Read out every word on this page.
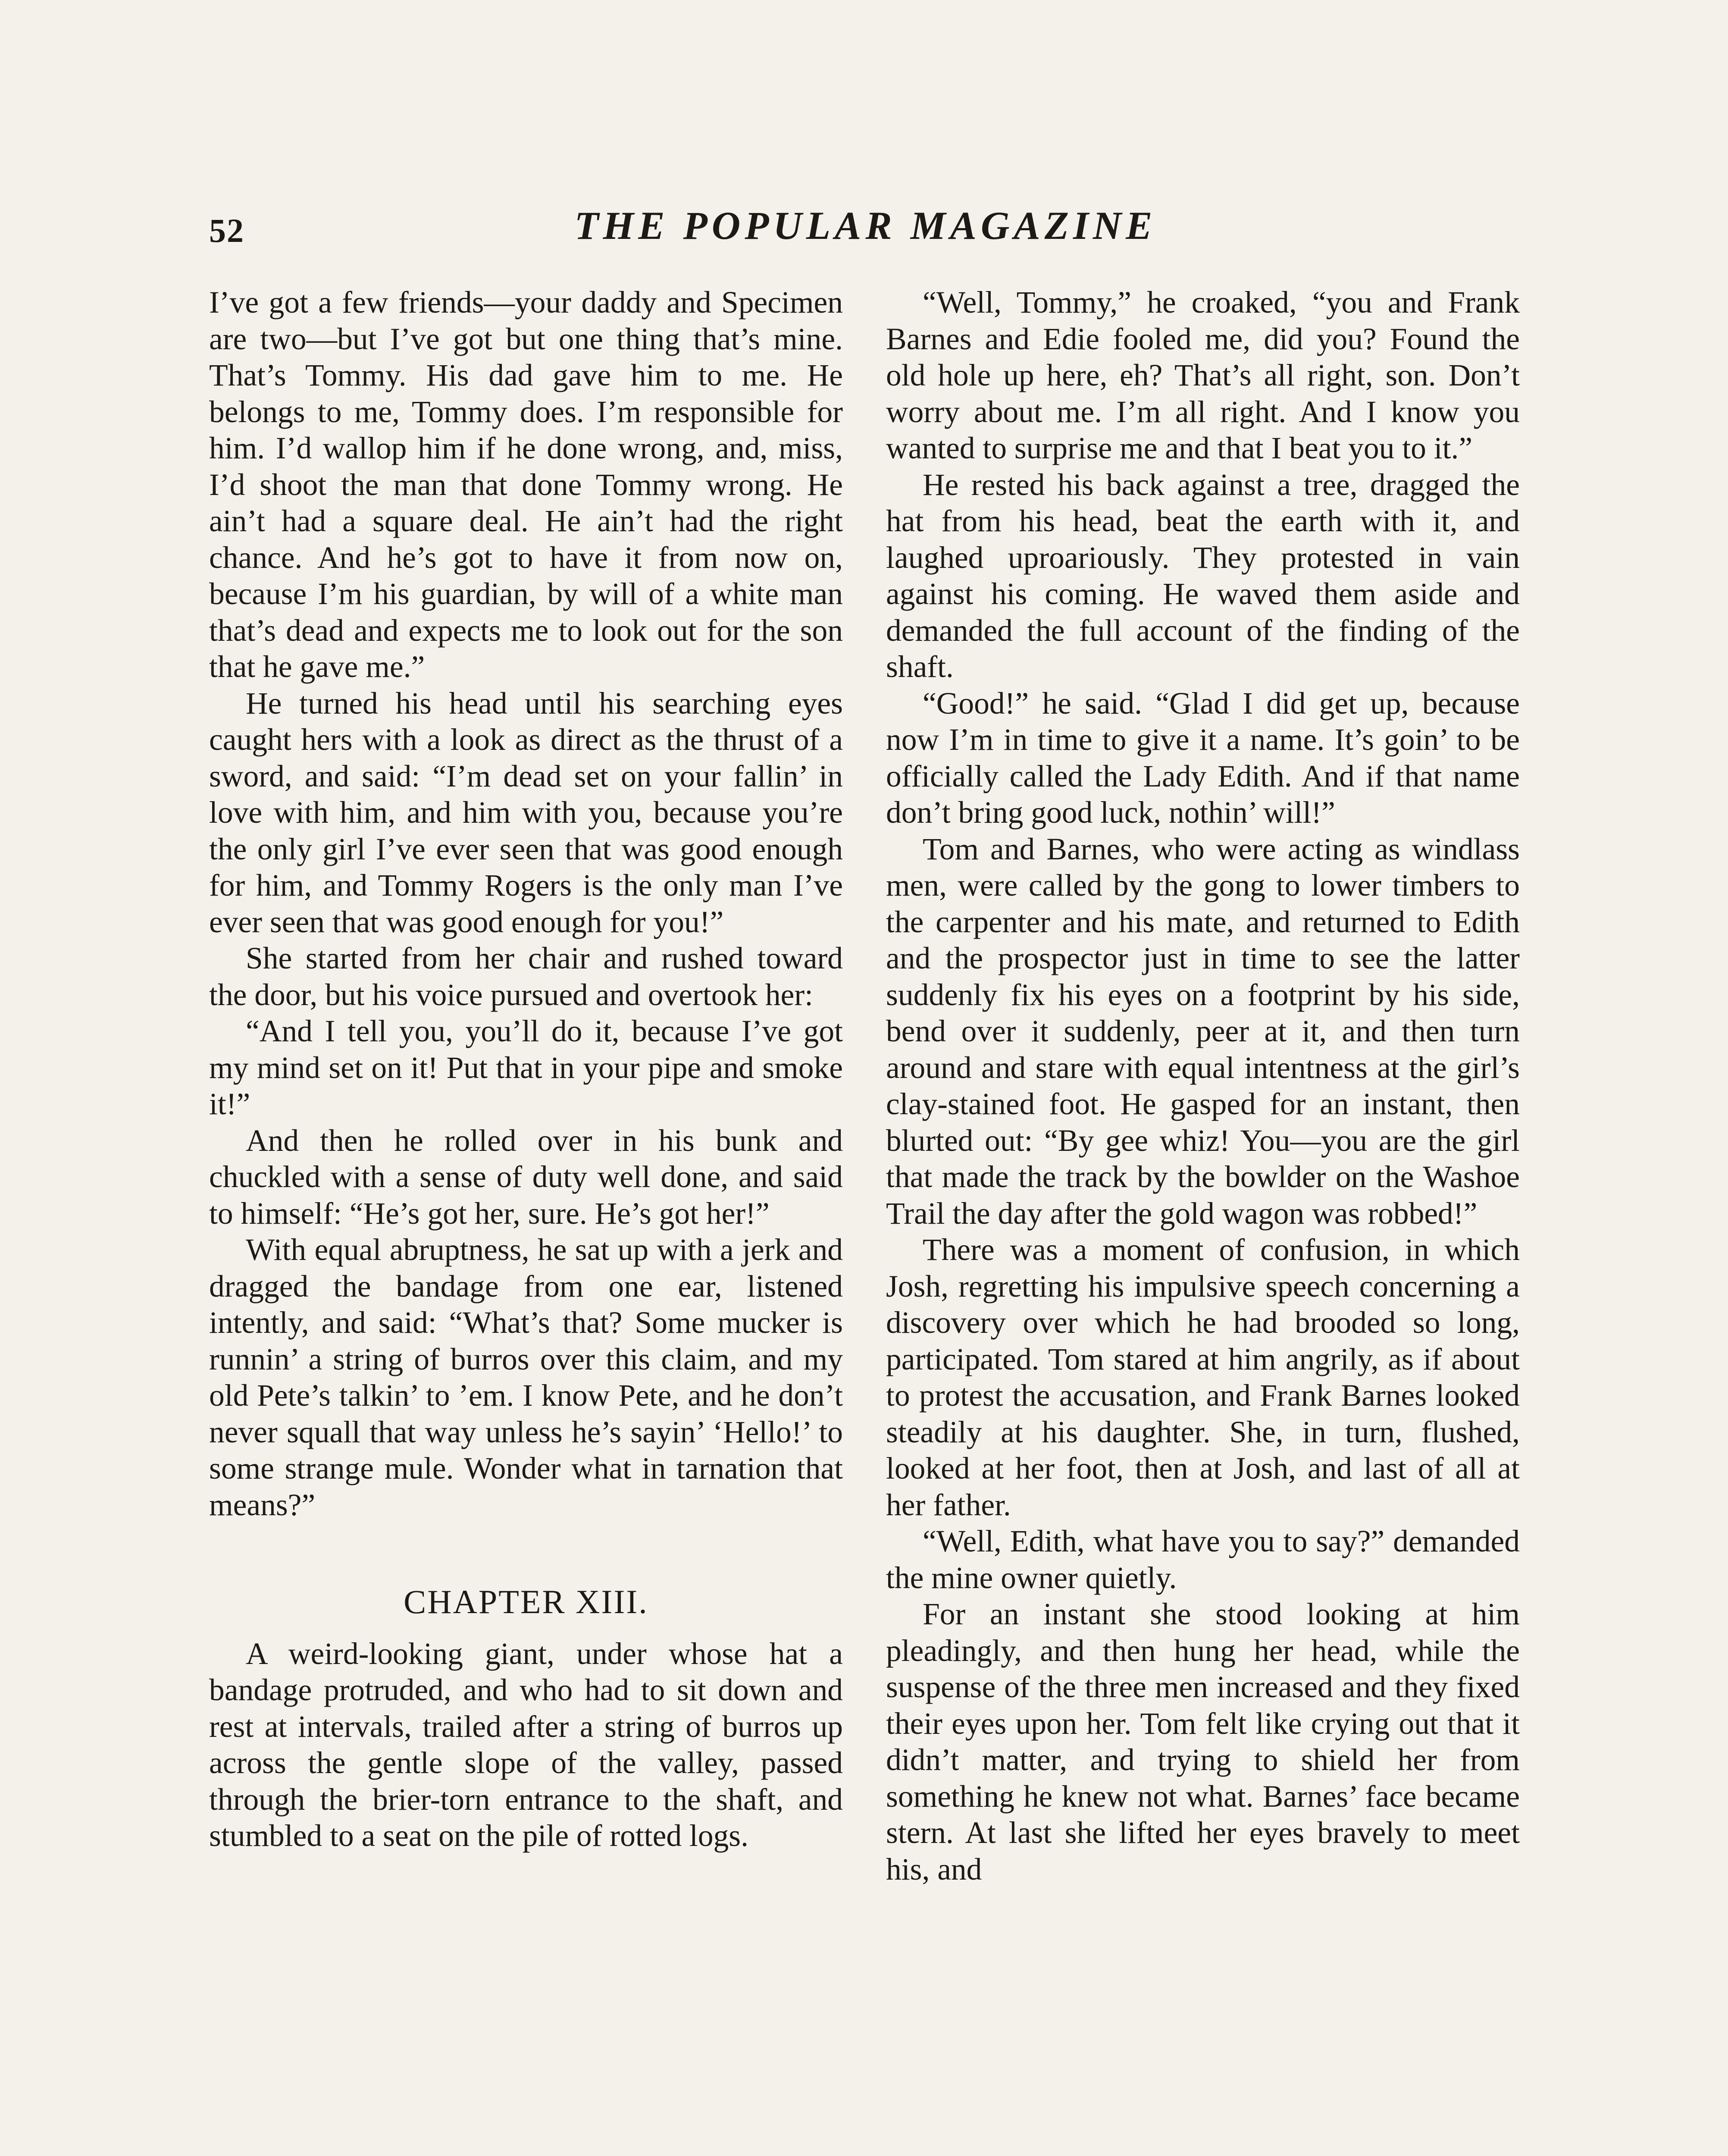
52	THE POPULAR MAGAZINE

I’ve got a few friends—your daddy and Specimen are two—but I’ve got but one thing that’s mine. That’s Tommy. His dad gave him to me. He belongs to me, Tommy does. I’m responsible for him. I’d wallop him if he done wrong, and, miss, I’d shoot the man that done Tommy wrong. He ain’t had a square deal. He ain’t had the right chance. And he’s got to have it from now on, because I’m his guardian, by will of a white man that’s dead and expects me to look out for the son that he gave me.”

He turned his head until his searching eyes caught hers with a look as direct as the thrust of a sword, and said: “I’m dead set on your fallin’ in love with him, and him with you, because you’re the only girl I’ve ever seen that was good enough for him, and Tommy Rogers is the only man I’ve ever seen that was good enough for you!”

She started from her chair and rushed toward the door, but his voice pursued and overtook her:

“And I tell you, you’ll do it, because I’ve got my mind set on it! Put that in your pipe and smoke it!”

And then he rolled over in his bunk and chuckled with a sense of duty well done, and said to himself: “He’s got her, sure. He’s got her!”

With equal abruptness, he sat up with a jerk and dragged the bandage from one ear, listened intently, and said: “What’s that? Some mucker is runnin’ a string of burros over this claim, and my old Pete’s talkin’ to ’em. I know Pete, and he don’t never squall that way unless he’s sayin’ ‘Hello!’ to some strange mule. Wonder what in tarnation that means?”

CHAPTER XIII.

A weird-looking giant, under whose hat a bandage protruded, and who had to sit down and rest at intervals, trailed after a string of burros up across the gentle slope of the valley, passed through the brier-torn entrance to the shaft, and stumbled to a seat on the pile of rotted logs.

“Well, Tommy,” he croaked, “you and Frank Barnes and Edie fooled me, did you? Found the old hole up here, eh? That’s all right, son. Don’t worry about me. I’m all right. And I know you wanted to surprise me and that I beat you to it.”

He rested his back against a tree, dragged the hat from his head, beat the earth with it, and laughed uproariously. They protested in vain against his coming. He waved them aside and demanded the full account of the finding of the shaft.

“Good!” he said. “Glad I did get up, because now I’m in time to give it a name. It’s goin’ to be officially called the Lady Edith. And if that name don’t bring good luck, nothin’ will!”

Tom and Barnes, who were acting as windlass men, were called by the gong to lower timbers to the carpenter and his mate, and returned to Edith and the prospector just in time to see the latter suddenly fix his eyes on a footprint by his side, bend over it suddenly, peer at it, and then turn around and stare with equal intentness at the girl’s clay-stained foot. He gasped for an instant, then blurted out: “By gee whiz! You—you are the girl that made the track by the bowlder on the Washoe Trail the day after the gold wagon was robbed!”

There was a moment of confusion, in which Josh, regretting his impulsive speech concerning a discovery over which he had brooded so long, participated. Tom stared at him angrily, as if about to protest the accusation, and Frank Barnes looked steadily at his daughter. She, in turn, flushed, looked at her foot, then at Josh, and last of all at her father.

“Well, Edith, what have you to say?” demanded the mine owner quietly.

For an instant she stood looking at him pleadingly, and then hung her head, while the suspense of the three men increased and they fixed their eyes upon her. Tom felt like crying out that it didn’t matter, and trying to shield her from something he knew not what. Barnes’ face became stern. At last she lifted her eyes bravely to meet his, and
